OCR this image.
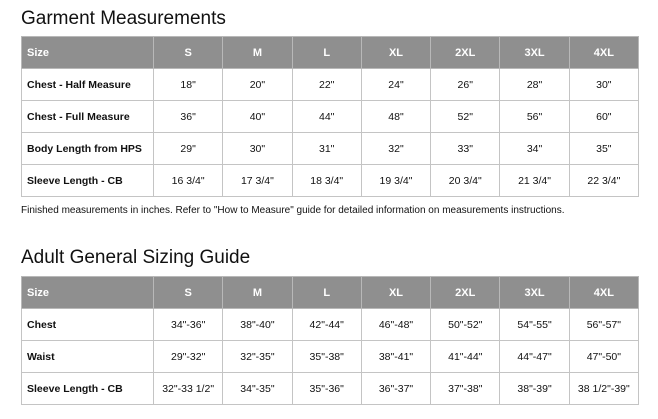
Garment Measurements
Size	S	M	L	XL	2XL	3XL	4XL
Chest - Half Measure	18"	20"	22"	24"	26"	28"	30"
Chest - Full Measure	36"	40"	44"	48"	52"	56"	60"
Body Length from HPS	29"	30"	31"	32"	33"	34"	35"
Sleeve Length - CB	16 3/4"	17 3/4"	18 3/4"	19 3/4"	20 3/4"	21 3/4"	22 3/4"

Finished measurements in inches. Refer to "How to Measure" guide for detailed information on measurements instructions.

Adult General Sizing Guide
Size	S	M	L	XL	2XL	3XL	4XL
Chest	34"-36"	38"-40"	42"-44"	46"-48"	50"-52"	54"-55"	56"-57"
Waist	29"-32"	32"-35"	35"-38"	38"-41"	41"-44"	44"-47"	47"-50"
Sleeve Length - CB	32"-33 1/2"	34"-35"	35"-36"	36"-37"	37"-38"	38"-39"	38 1/2"-39"
